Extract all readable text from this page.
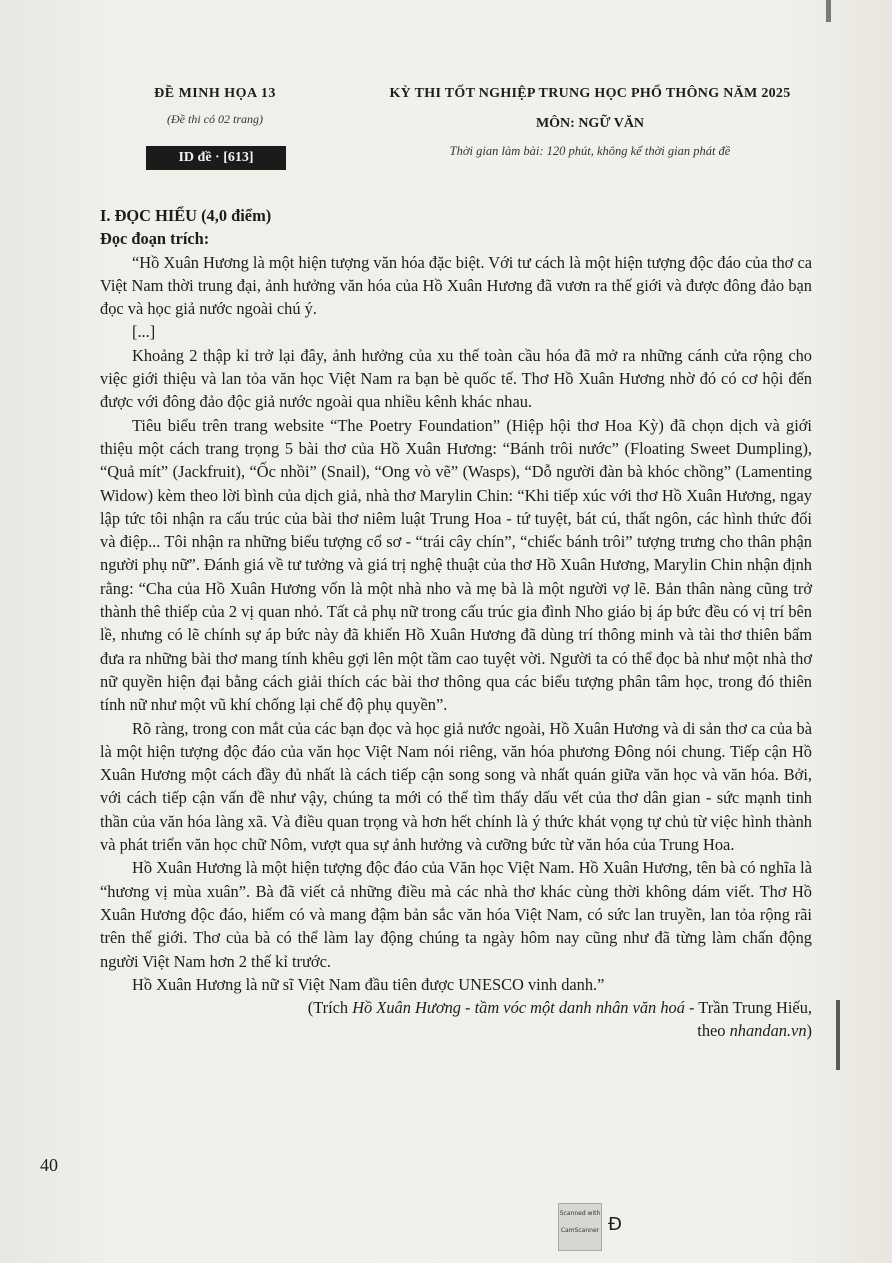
ĐỀ MINH HỌA 13
(Đề thi có 02 trang)
ID đề · [613]
KỲ THI TỐT NGHIỆP TRUNG HỌC PHỔ THÔNG NĂM 2025
MÔN: NGỮ VĂN
Thời gian làm bài: 120 phút, không kể thời gian phát đề

I. ĐỌC HIỂU (4,0 điểm)

Đọc đoạn trích:

“Hồ Xuân Hương là một hiện tượng văn hóa đặc biệt. Với tư cách là một hiện tượng độc đáo của thơ ca Việt Nam thời trung đại, ảnh hưởng văn hóa của Hồ Xuân Hương đã vươn ra thế giới và được đông đảo bạn đọc và học giả nước ngoài chú ý.

[...]

Khoảng 2 thập kỉ trở lại đây, ảnh hưởng của xu thế toàn cầu hóa đã mở ra những cánh cửa rộng cho việc giới thiệu và lan tỏa văn học Việt Nam ra bạn bè quốc tế. Thơ Hồ Xuân Hương nhờ đó có cơ hội đến được với đông đảo độc giả nước ngoài qua nhiều kênh khác nhau.

Tiêu biểu trên trang website “The Poetry Foundation” (Hiệp hội thơ Hoa Kỳ) đã chọn dịch và giới thiệu một cách trang trọng 5 bài thơ của Hồ Xuân Hương: “Bánh trôi nước” (Floating Sweet Dumpling), “Quả mít” (Jackfruit), “Ốc nhồi” (Snail), “Ong vò vẽ” (Wasps), “Dỗ người đàn bà khóc chồng” (Lamenting Widow) kèm theo lời bình của dịch giả, nhà thơ Marylin Chin: “Khi tiếp xúc với thơ Hồ Xuân Hương, ngay lập tức tôi nhận ra cấu trúc của bài thơ niêm luật Trung Hoa - tứ tuyệt, bát cú, thất ngôn, các hình thức đối và điệp... Tôi nhận ra những biểu tượng cổ sơ - “trái cây chín”, “chiếc bánh trôi” tượng trưng cho thân phận người phụ nữ”. Đánh giá về tư tưởng và giá trị nghệ thuật của thơ Hồ Xuân Hương, Marylin Chin nhận định rằng: “Cha của Hồ Xuân Hương vốn là một nhà nho và mẹ bà là một người vợ lẽ. Bản thân nàng cũng trở thành thê thiếp của 2 vị quan nhỏ. Tất cả phụ nữ trong cấu trúc gia đình Nho giáo bị áp bức đều có vị trí bên lề, nhưng có lẽ chính sự áp bức này đã khiến Hồ Xuân Hương đã dùng trí thông minh và tài thơ thiên bẩm đưa ra những bài thơ mang tính khêu gợi lên một tầm cao tuyệt vời. Người ta có thể đọc bà như một nhà thơ nữ quyền hiện đại bằng cách giải thích các bài thơ thông qua các biểu tượng phân tâm học, trong đó thiên tính nữ như một vũ khí chống lại chế độ phụ quyền”.

Rõ ràng, trong con mắt của các bạn đọc và học giả nước ngoài, Hồ Xuân Hương và di sản thơ ca của bà là một hiện tượng độc đáo của văn học Việt Nam nói riêng, văn hóa phương Đông nói chung. Tiếp cận Hồ Xuân Hương một cách đầy đủ nhất là cách tiếp cận song song và nhất quán giữa văn học và văn hóa. Bởi, với cách tiếp cận vấn đề như vậy, chúng ta mới có thể tìm thấy dấu vết của thơ dân gian - sức mạnh tinh thần của văn hóa làng xã. Và điều quan trọng và hơn hết chính là ý thức khát vọng tự chủ từ việc hình thành và phát triển văn học chữ Nôm, vượt qua sự ảnh hưởng và cưỡng bức từ văn hóa của Trung Hoa.

Hồ Xuân Hương là một hiện tượng độc đáo của Văn học Việt Nam. Hồ Xuân Hương, tên bà có nghĩa là “hương vị mùa xuân”. Bà đã viết cả những điều mà các nhà thơ khác cùng thời không dám viết. Thơ Hồ Xuân Hương độc đáo, hiếm có và mang đậm bản sắc văn hóa Việt Nam, có sức lan truyền, lan tỏa rộng rãi trên thế giới. Thơ của bà có thể làm lay động chúng ta ngày hôm nay cũng như đã từng làm chấn động người Việt Nam hơn 2 thế kỉ trước.

Hồ Xuân Hương là nữ sĩ Việt Nam đầu tiên được UNESCO vinh danh.”

(Trích Hồ Xuân Hương - tầm vóc một danh nhân văn hoá - Trần Trung Hiếu,

theo nhandan.vn)

40
Scanned with
CamScanner Đ
